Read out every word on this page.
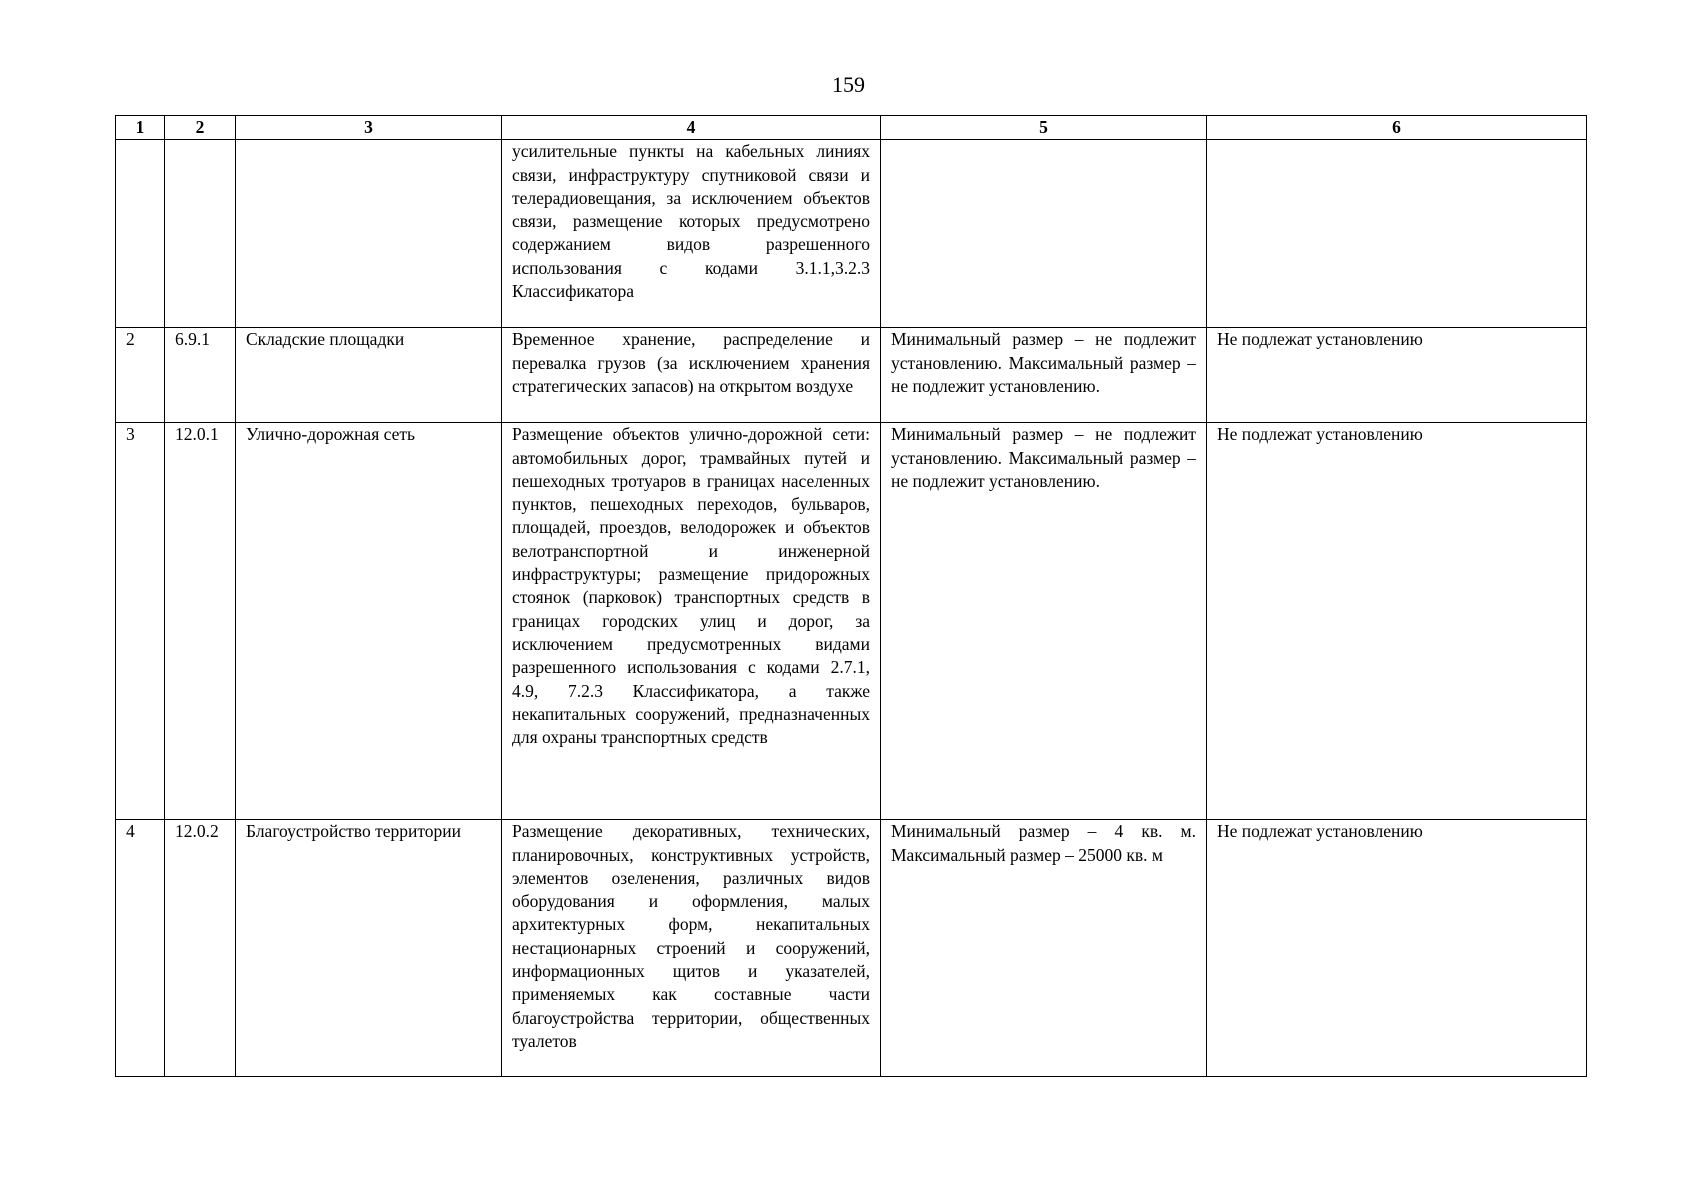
159
1	2	3	4	5	6
			усилительные пункты на кабельных линиях связи, инфраструктуру спутниковой связи и телерадиовещания, за исключением объектов связи, размещение которых предусмотрено содержанием видов разрешенного использования с кодами 3.1.1,3.2.3 Классификатора		
2	6.9.1	Складские площадки	Временное хранение, распределение и перевалка грузов (за исключением хранения стратегических запасов) на открытом воздухе	Минимальный размер – не подлежит установлению. Максимальный размер – не подлежит установлению.	Не подлежат установлению
3	12.0.1	Улично-дорожная сеть	Размещение объектов улично-дорожной сети: автомобильных дорог, трамвайных путей и пешеходных тротуаров в границах населенных пунктов, пешеходных переходов, бульваров, площадей, проездов, велодорожек и объектов велотранспортной и инженерной инфраструктуры; размещение придорожных стоянок (парковок) транспортных средств в границах городских улиц и дорог, за исключением предусмотренных видами разрешенного использования с кодами 2.7.1, 4.9, 7.2.3 Классификатора, а также некапитальных сооружений, предназначенных для охраны транспортных средств	Минимальный размер – не подлежит установлению. Максимальный размер – не подлежит установлению.	Не подлежат установлению
4	12.0.2	Благоустройство территории	Размещение декоративных, технических, планировочных, конструктивных устройств, элементов озеленения, различных видов оборудования и оформления, малых архитектурных форм, некапитальных нестационарных строений и сооружений, информационных щитов и указателей, применяемых как составные части благоустройства территории, общественных туалетов	Минимальный размер – 4 кв. м. Максимальный размер – 25000 кв. м	Не подлежат установлению
